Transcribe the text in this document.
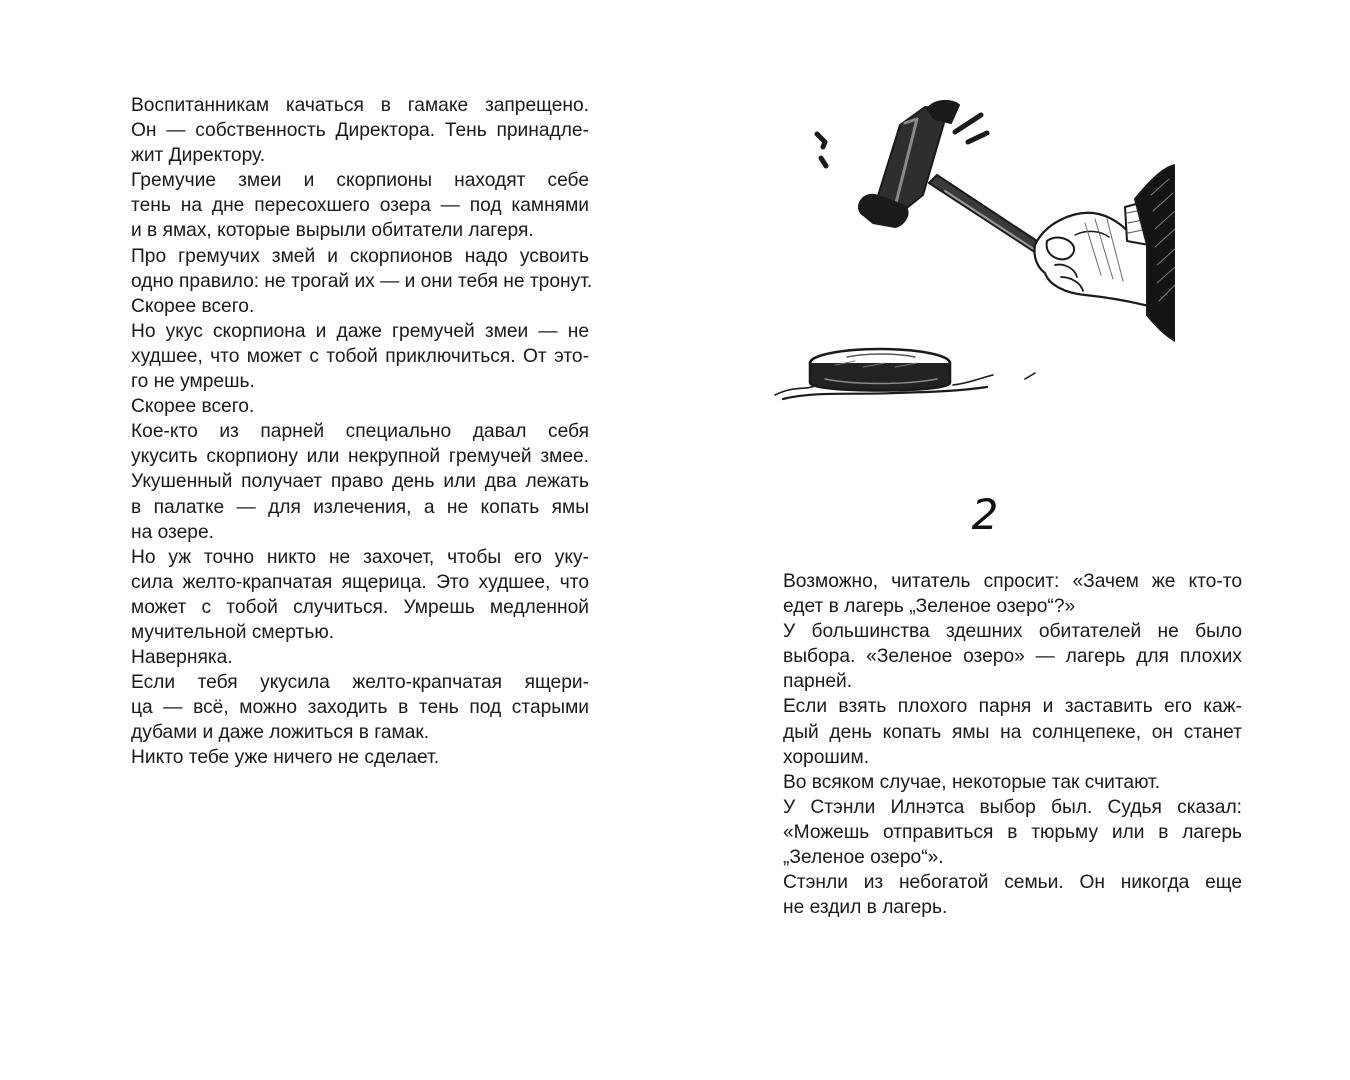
Воспитанникам качаться в гамаке запрещено.
Он — собственность Директора. Тень принадле-
жит Директору.

Гремучие змеи и скорпионы находят себе
тень на дне пересохшего озера — под камнями
и в ямах, которые вырыли обитатели лагеря.

Про гремучих змей и скорпионов надо усвоить
одно правило: не трогай их — и они тебя не тронут.

Скорее всего.

Но укус скорпиона и даже гремучей змеи — не
худшее, что может с тобой приключиться. От это-
го не умрешь.

Скорее всего.

Кое-кто из парней специально давал себя
укусить скорпиону или некрупной гремучей змее.
Укушенный получает право день или два лежать
в палатке — для излечения, а не копать ямы
на озере.

Но уж точно никто не захочет, чтобы его уку-
сила желто-крапчатая ящерица. Это худшее, что
может с тобой случиться. Умрешь медленной
мучительной смертью.

Наверняка.

Если тебя укусила желто-крапчатая ящери-
ца — всё, можно заходить в тень под старыми
дубами и даже ложиться в гамак.

Никто тебе уже ничего не сделает.

2

Возможно, читатель спросит: «Зачем же кто-то
едет в лагерь „Зеленое озеро“?»

У большинства здешних обитателей не было
выбора. «Зеленое озеро» — лагерь для плохих
парней.

Если взять плохого парня и заставить его каж-
дый день копать ямы на солнцепеке, он станет
хорошим.

Во всяком случае, некоторые так считают.

У Стэнли Илнэтса выбор был. Судья сказал:
«Можешь отправиться в тюрьму или в лагерь
„Зеленое озеро“».

Стэнли из небогатой семьи. Он никогда еще
не ездил в лагерь.
